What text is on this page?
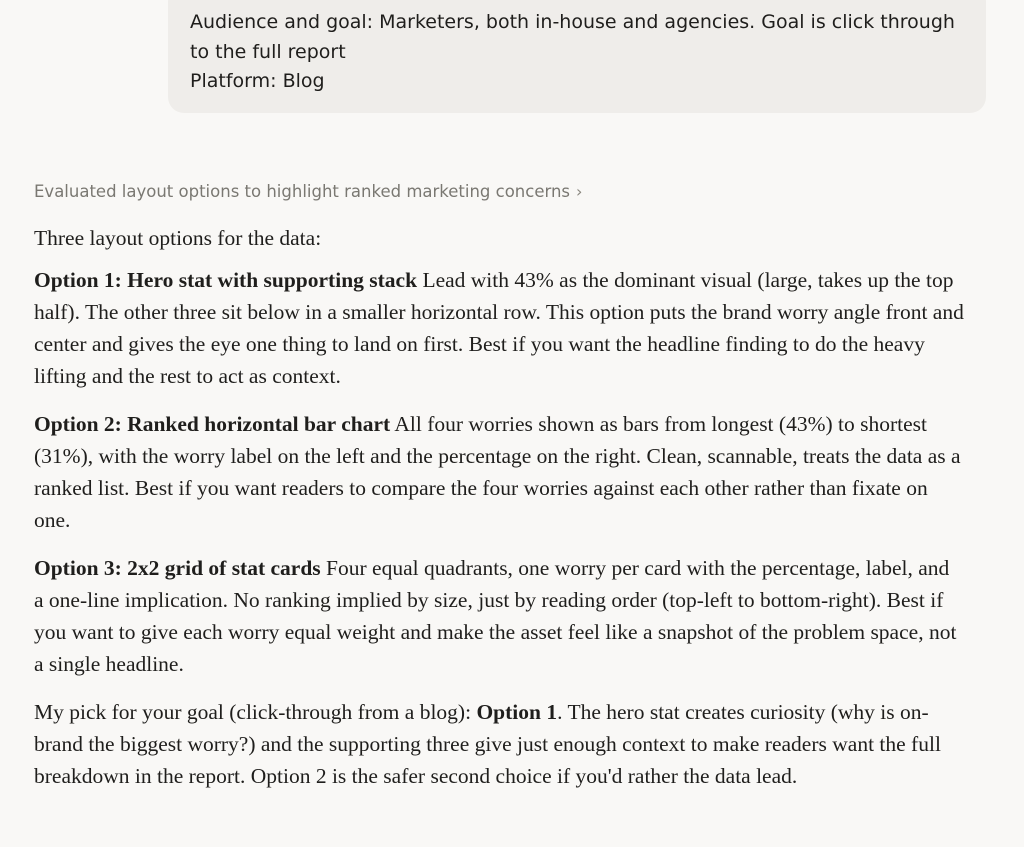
Audience and goal: Marketers, both in-house and agencies. Goal is click through to the full report

Platform: Blog

Evaluated layout options to highlight ranked marketing concerns ›

Three layout options for the data:

Option 1: Hero stat with supporting stack Lead with 43% as the dominant visual (large, takes up the top half). The other three sit below in a smaller horizontal row. This option puts the brand worry angle front and center and gives the eye one thing to land on first. Best if you want the headline finding to do the heavy lifting and the rest to act as context.

Option 2: Ranked horizontal bar chart All four worries shown as bars from longest (43%) to shortest (31%), with the worry label on the left and the percentage on the right. Clean, scannable, treats the data as a ranked list. Best if you want readers to compare the four worries against each other rather than fixate on one.

Option 3: 2x2 grid of stat cards Four equal quadrants, one worry per card with the percentage, label, and a one-line implication. No ranking implied by size, just by reading order (top-left to bottom-right). Best if you want to give each worry equal weight and make the asset feel like a snapshot of the problem space, not a single headline.

My pick for your goal (click-through from a blog): Option 1. The hero stat creates curiosity (why is on-brand the biggest worry?) and the supporting three give just enough context to make readers want the full breakdown in the report. Option 2 is the safer second choice if you'd rather the data lead.
